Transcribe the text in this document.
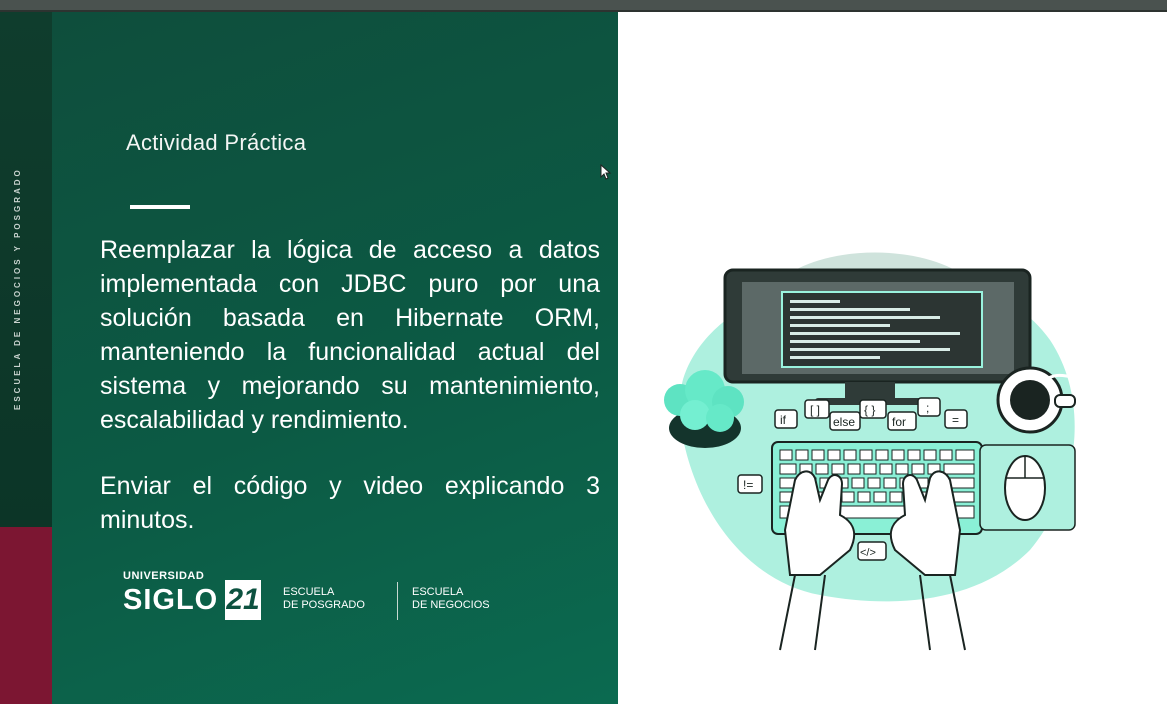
ESCUELA DE NEGOCIOS Y POSGRADO
Actividad Práctica

Reemplazar la lógica de acceso a datos implementada con JDBC puro por una solución basada en Hibernate ORM, manteniendo la funcionalidad actual del sistema y mejorando su mantenimiento, escalabilidad y rendimiento.

Enviar el código y video explicando 3 minutos.

UNIVERSIDAD
SIGLO 21 ESCUELA
DE POSGRADO
ESCUELA
DE NEGOCIOS
if
[ ]
else
{ }
for
;
=
!=
</>
